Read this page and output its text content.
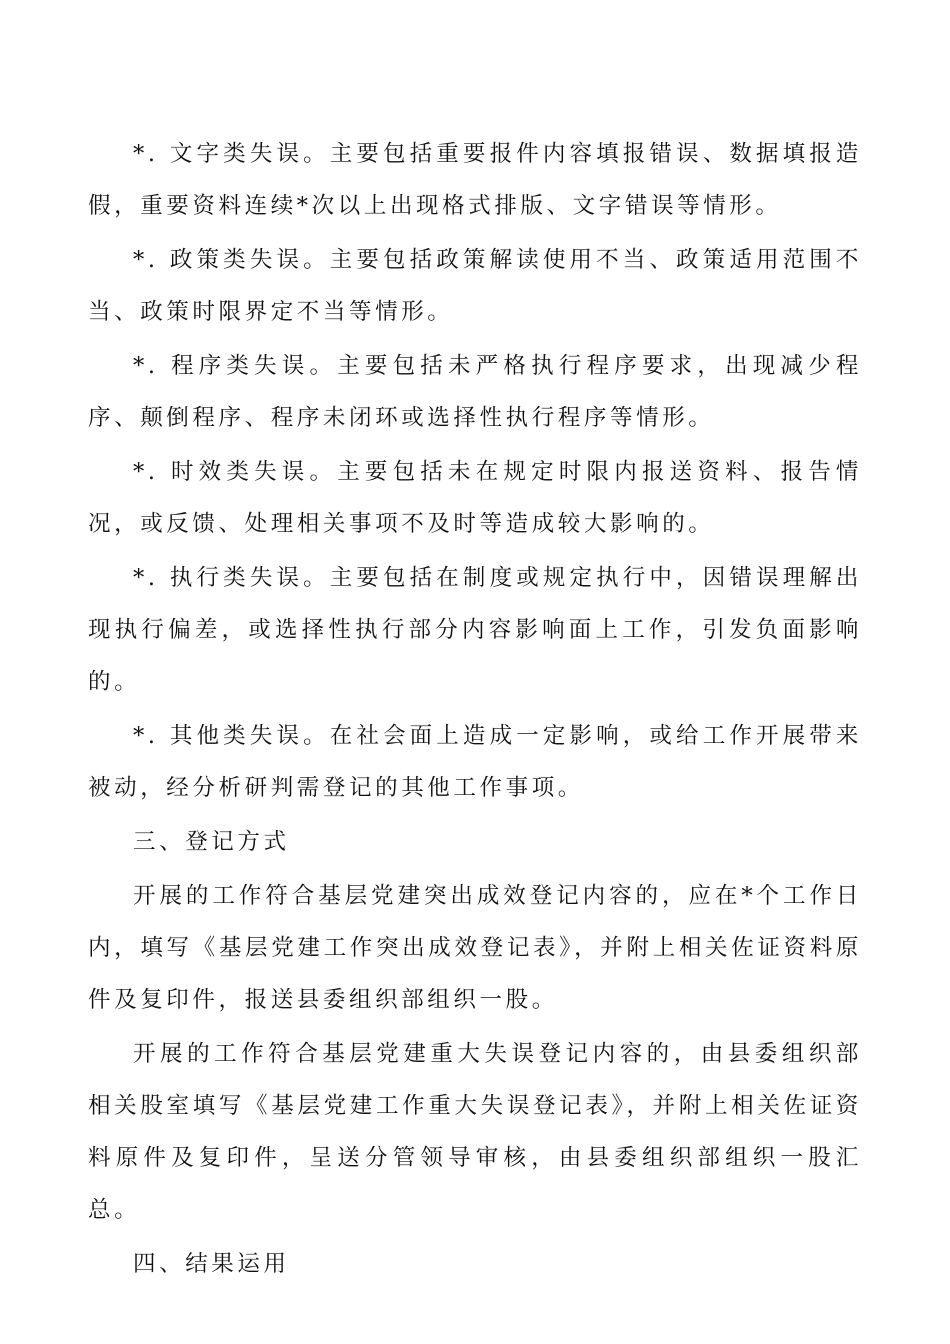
*. 文字类失误。主要包括重要报件内容填报错误、数据填报造假，重要资料连续*次以上出现格式排版、文字错误等情形。

*. 政策类失误。主要包括政策解读使用不当、政策适用范围不当、政策时限界定不当等情形。

*. 程序类失误。主要包括未严格执行程序要求，出现减少程序、颠倒程序、程序未闭环或选择性执行程序等情形。

*. 时效类失误。主要包括未在规定时限内报送资料、报告情况，或反馈、处理相关事项不及时等造成较大影响的。

*. 执行类失误。主要包括在制度或规定执行中，因错误理解出现执行偏差，或选择性执行部分内容影响面上工作，引发负面影响的。

*. 其他类失误。在社会面上造成一定影响，或给工作开展带来被动，经分析研判需登记的其他工作事项。

三、登记方式

开展的工作符合基层党建突出成效登记内容的，应在*个工作日内，填写《基层党建工作突出成效登记表》，并附上相关佐证资料原件及复印件，报送县委组织部组织一股。

开展的工作符合基层党建重大失误登记内容的，由县委组织部相关股室填写《基层党建工作重大失误登记表》，并附上相关佐证资料原件及复印件，呈送分管领导审核，由县委组织部组织一股汇总。

四、结果运用
